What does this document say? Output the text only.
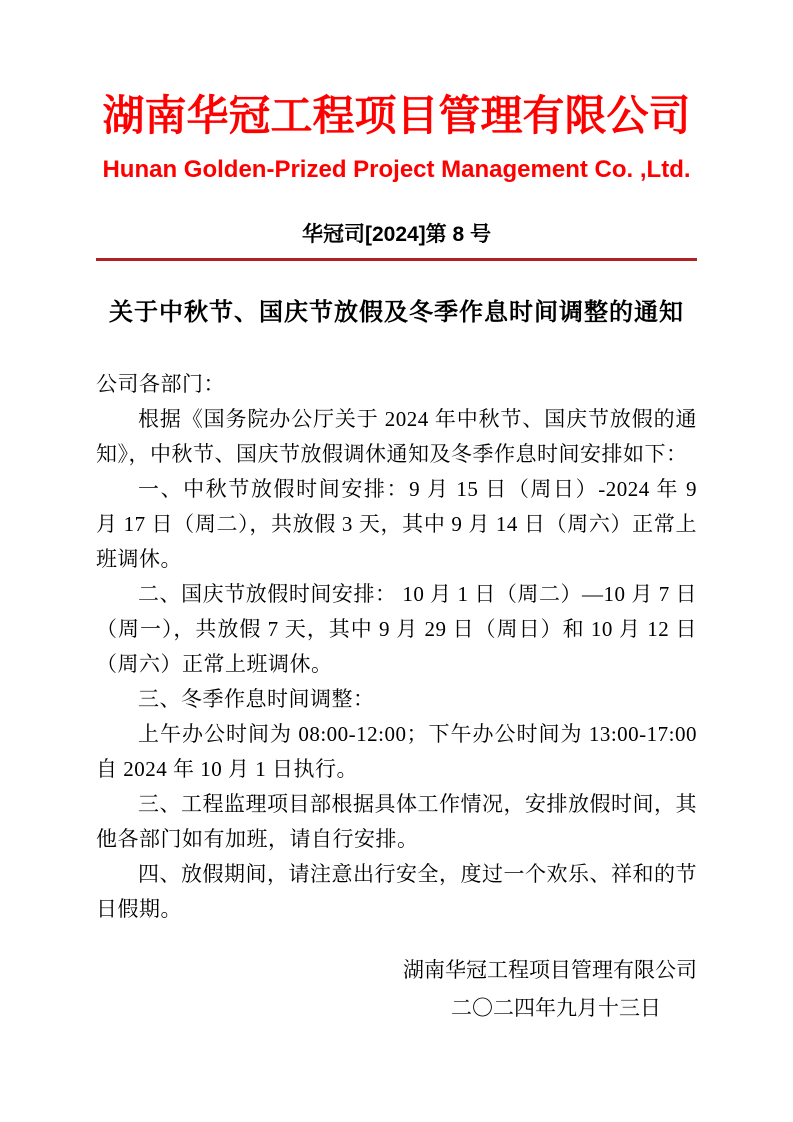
湖南华冠工程项目管理有限公司
Hunan Golden-Prized Project Management Co. ,Ltd.
华冠司[2024]第 8 号
关于中秋节、国庆节放假及冬季作息时间调整的通知

公司各部门：

根据《国务院办公厅关于 2024 年中秋节、国庆节放假的通知》，中秋节、国庆节放假调休通知及冬季作息时间安排如下：

一、中秋节放假时间安排：9 月 15 日（周日）-2024 年 9 月 17 日（周二），共放假 3 天，其中 9 月 14 日（周六）正常上班调休。

二、国庆节放假时间安排： 10 月 1 日（周二）—10 月 7 日（周一），共放假 7 天，其中 9 月 29 日（周日）和 10 月 12 日（周六）正常上班调休。

三、冬季作息时间调整：

上午办公时间为 08:00-12:00；下午办公时间为 13:00-17:00 自 2024 年 10 月 1 日执行。

三、工程监理项目部根据具体工作情况，安排放假时间，其他各部门如有加班，请自行安排。

四、放假期间，请注意出行安全，度过一个欢乐、祥和的节日假期。

湖南华冠工程项目管理有限公司

二〇二四年九月十三日
